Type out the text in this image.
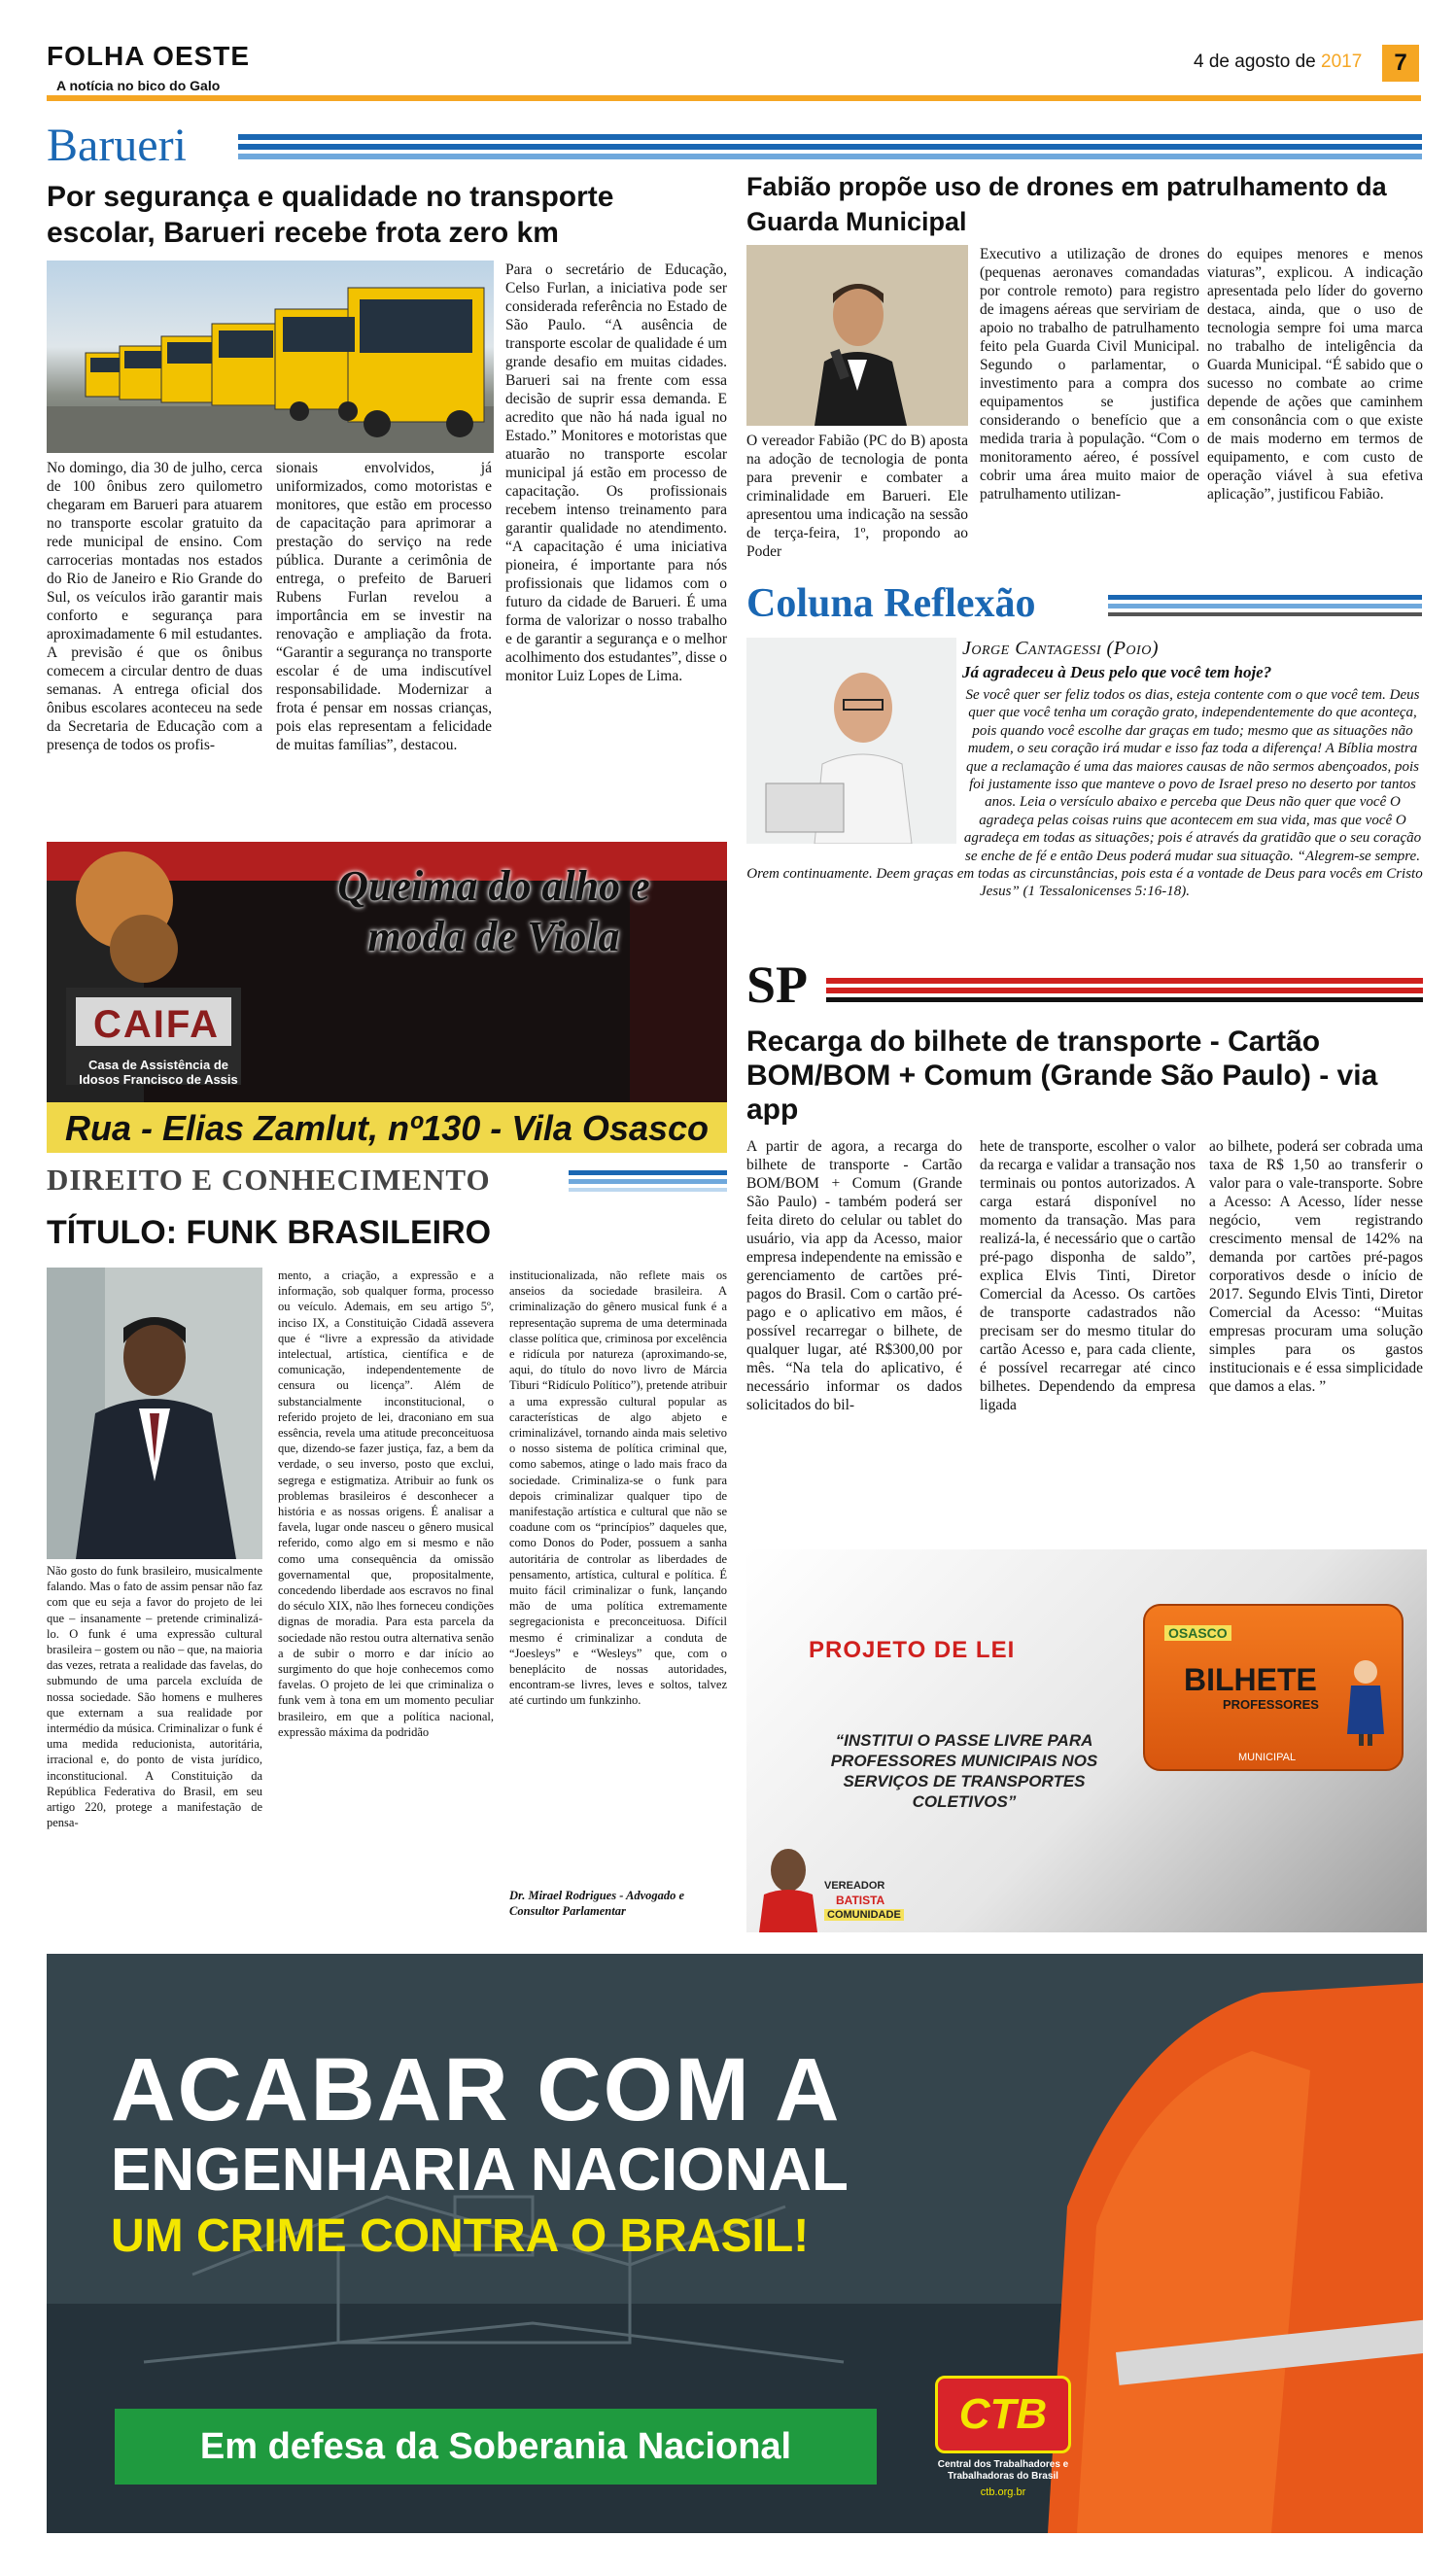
FOLHA OESTE
A notícia no bico do Galo
4 de agosto de 2017	7
Barueri
Por segurança e qualidade no transporte escolar, Barueri recebe frota zero km
No domingo, dia 30 de julho, cerca de 100 ônibus zero quilometro chegaram em Barueri para atuarem no transporte escolar gratuito da rede municipal de ensino. Com carrocerias montadas nos estados do Rio de Janeiro e Rio Grande do Sul, os veículos irão garantir mais conforto e segurança para aproximadamente 6 mil estudantes. A previsão é que os ônibus comecem a circular dentro de duas semanas. A entrega oficial dos ônibus escolares aconteceu na sede da Secretaria de Educação com a presença de todos os profis-
sionais envolvidos, já uniformizados, como motoristas e monitores, que estão em processo de capacitação para aprimorar a prestação do serviço na rede pública. Durante a cerimônia de entrega, o prefeito de Barueri Rubens Furlan revelou a importância em se investir na renovação e ampliação da frota. “Garantir a segurança no transporte escolar é de uma indiscutível responsabilidade. Modernizar a frota é pensar em nossas crianças, pois elas representam a felicidade de muitas famílias”, destacou.
Para o secretário de Educação, Celso Furlan, a iniciativa pode ser considerada referência no Estado de São Paulo. “A ausência de transporte escolar de qualidade é um grande desafio em muitas cidades. Barueri sai na frente com essa decisão de suprir essa demanda. E acredito que não há nada igual no Estado.” Monitores e motoristas que atuarão no transporte escolar municipal já estão em processo de capacitação. Os profissionais recebem intenso treinamento para garantir qualidade no atendimento. “A capacitação é uma iniciativa pioneira, é importante para nós profissionais que lidamos com o futuro da cidade de Barueri. É uma forma de valorizar o nosso trabalho e de garantir a segurança e o melhor acolhimento dos estudantes”, disse o monitor Luiz Lopes de Lima.
Fabião propõe uso de drones em patrulhamento da Guarda Municipal
O vereador Fabião (PC do B) aposta na adoção de tecnologia de ponta para prevenir e combater a criminalidade em Barueri. Ele apresentou uma indicação na sessão de terça-feira, 1º, propondo ao Poder
Executivo a utilização de drones (pequenas aeronaves comandadas por controle remoto) para registro de imagens aéreas que serviriam de apoio no trabalho de patrulhamento feito pela Guarda Civil Municipal. Segundo o parlamentar, o investimento para a compra dos equipamentos se justifica considerando o benefício que a medida traria à população. “Com o monitoramento aéreo, é possível cobrir uma área muito maior de patrulhamento utilizan-
do equipes menores e menos viaturas”, explicou. A indicação apresentada pelo líder do governo destaca, ainda, que o uso de tecnologia sempre foi uma marca no trabalho de inteligência da Guarda Municipal. “É sabido que o sucesso no combate ao crime depende de ações que caminhem em consonância com o que existe de mais moderno em termos de equipamento, e com custo de operação viável à sua efetiva aplicação”, justificou Fabião.
Coluna Reflexão
Jorge Cantagessi (Poio)
Já agradeceu à Deus pelo que você tem hoje?
Se você quer ser feliz todos os dias, esteja contente com o que você tem. Deus quer que você tenha um coração grato, independentemente do que aconteça, pois quando você escolhe dar graças em tudo; mesmo que as situações não mudem, o seu coração irá mudar e isso faz toda a diferença! A Bíblia mostra que a reclamação é uma das maiores causas de não sermos abençoados, pois foi justamente isso que manteve o povo de Israel preso no deserto por tantos anos. Leia o versículo abaixo e perceba que Deus não quer que você O agradeça pelas coisas ruins que acontecem em sua vida, mas que você O agradeça em todas as situações; pois é através da gratidão que o seu coração se enche de fé e então Deus poderá mudar sua situação. “Alegrem-se sempre. Orem continuamente. Deem graças em todas as circunstâncias, pois esta é a vontade de Deus para vocês em Cristo Jesus” (1 Tessalonicenses 5:16-18).
Queima do alho e moda de Viola
CAIFA
Casa de Assistência de Idosos Francisco de Assis
Rua - Elias Zamlut, nº130 - Vila Osasco
DIREITO E CONHECIMENTO
TÍTULO: FUNK BRASILEIRO
Não gosto do funk brasileiro, musicalmente falando. Mas o fato de assim pensar não faz com que eu seja a favor do projeto de lei que – insanamente – pretende criminalizá-lo. O funk é uma expressão cultural brasileira – gostem ou não – que, na maioria das vezes, retrata a realidade das favelas, do submundo de uma parcela excluída de nossa sociedade. São homens e mulheres que externam a sua realidade por intermédio da música. Criminalizar o funk é uma medida reducionista, autoritária, irracional e, do ponto de vista jurídico, inconstitucional. A Constituição da República Federativa do Brasil, em seu artigo 220, protege a manifestação de pensa-
mento, a criação, a expressão e a informação, sob qualquer forma, processo ou veículo. Ademais, em seu artigo 5º, inciso IX, a Constituição Cidadã assevera que é “livre a expressão da atividade intelectual, artística, científica e de comunicação, independentemente de censura ou licença”. Além de substancialmente inconstitucional, o referido projeto de lei, draconiano em sua essência, revela uma atitude preconceituosa que, dizendo-se fazer justiça, faz, a bem da verdade, o seu inverso, posto que exclui, segrega e estigmatiza. Atribuir ao funk os problemas brasileiros é desconhecer a história e as nossas origens. É analisar a favela, lugar onde nasceu o gênero musical referido, como algo em si mesmo e não como uma consequência da omissão governamental que, propositalmente, concedendo liberdade aos escravos no final do século XIX, não lhes forneceu condições dignas de moradia. Para esta parcela da sociedade não restou outra alternativa senão a de subir o morro e dar início ao surgimento do que hoje conhecemos como favelas. O projeto de lei que criminaliza o funk vem à tona em um momento peculiar brasileiro, em que a política nacional, expressão máxima da podridão
institucionalizada, não reflete mais os anseios da sociedade brasileira. A criminalização do gênero musical funk é a representação suprema de uma determinada classe política que, criminosa por excelência e ridícula por natureza (aproximando-se, aqui, do título do novo livro de Márcia Tiburi “Ridículo Político”), pretende atribuir a uma expressão cultural popular as características de algo abjeto e criminalizável, tornando ainda mais seletivo o nosso sistema de política criminal que, como sabemos, atinge o lado mais fraco da sociedade. Criminaliza-se o funk para depois criminalizar qualquer tipo de manifestação artística e cultural que não se coadune com os “princípios” daqueles que, como Donos do Poder, possuem a sanha autoritária de controlar as liberdades de pensamento, artística, cultural e política. É muito fácil criminalizar o funk, lançando mão de uma política extremamente segregacionista e preconceituosa. Difícil mesmo é criminalizar a conduta de “Joesleys” e “Wesleys” que, com o beneplácito de nossas autoridades, encontram-se livres, leves e soltos, talvez até curtindo um funkzinho.
Dr. Mirael Rodrigues - Advogado e Consultor Parlamentar
SP
Recarga do bilhete de transporte - Cartão BOM/BOM + Comum (Grande São Paulo) - via app
A partir de agora, a recarga do bilhete de transporte - Cartão BOM/BOM + Comum (Grande São Paulo) - também poderá ser feita direto do celular ou tablet do usuário, via app da Acesso, maior empresa independente na emissão e gerenciamento de cartões pré-pagos do Brasil. Com o cartão pré-pago e o aplicativo em mãos, é possível recarregar o bilhete, de qualquer lugar, até R$300,00 por mês. “Na tela do aplicativo, é necessário informar os dados solicitados do bil-
hete de transporte, escolher o valor da recarga e validar a transação nos terminais ou pontos autorizados. A carga estará disponível no momento da transação. Mas para realizá-la, é necessário que o cartão pré-pago disponha de saldo”, explica Elvis Tinti, Diretor Comercial da Acesso. Os cartões de transporte cadastrados não precisam ser do mesmo titular do cartão Acesso e, para cada cliente, é possível recarregar até cinco bilhetes. Dependendo da empresa ligada
ao bilhete, poderá ser cobrada uma taxa de R$ 1,50 ao transferir o valor para o vale-transporte. Sobre a Acesso: A Acesso, líder nesse negócio, vem registrando crescimento mensal de 142% na demanda por cartões pré-pagos corporativos desde o início de 2017. Segundo Elvis Tinti, Diretor Comercial da Acesso: “Muitas empresas procuram uma solução simples para os gastos institucionais e é essa simplicidade que damos a elas. ”
PROJETO DE LEI
“INSTITUI O PASSE LIVRE PARA PROFESSORES MUNICIPAIS NOS SERVIÇOS DE TRANSPORTES COLETIVOS”
OSASCO
BILHETE
PROFESSORES
MUNICIPAL
VEREADOR
BATISTA
COMUNIDADE
ACABAR COM A
ENGENHARIA NACIONAL
UM CRIME CONTRA O BRASIL!
Em defesa da Soberania Nacional
CTB
Central dos Trabalhadores e Trabalhadoras do Brasil
ctb.org.br
